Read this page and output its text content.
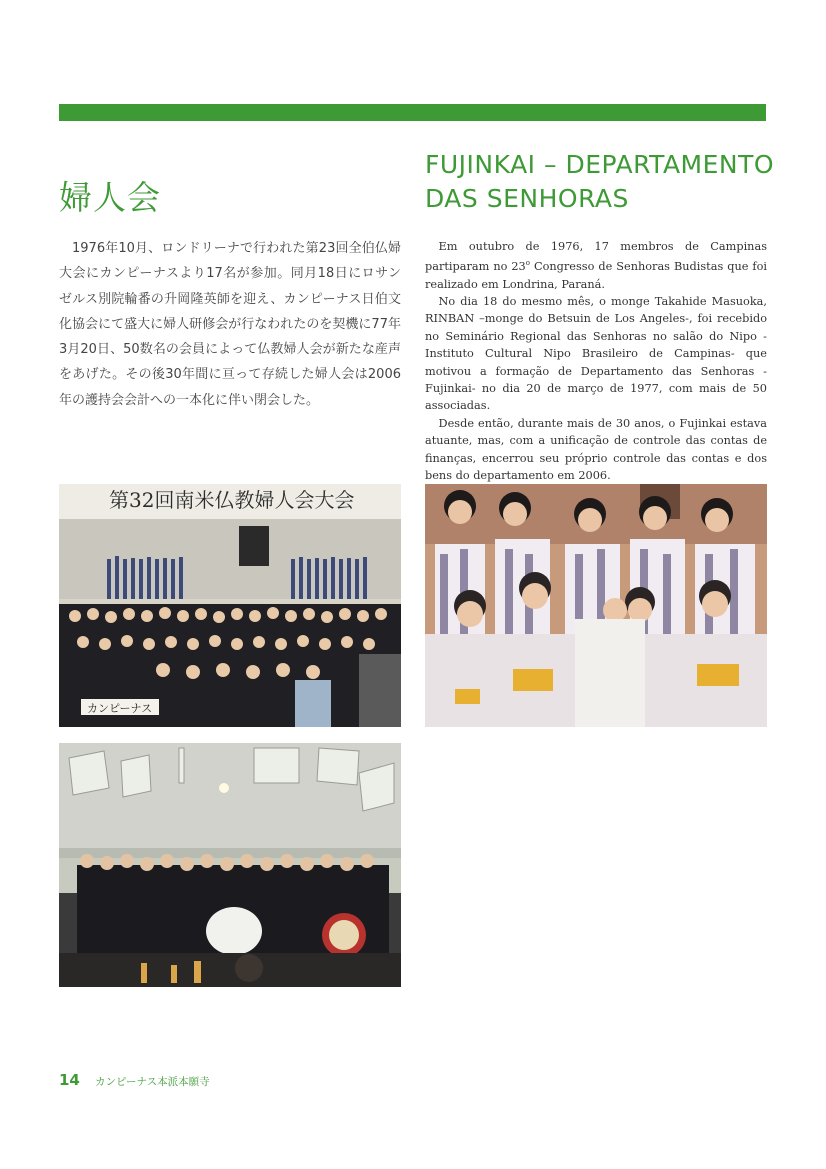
婦人会
FUJINKAI – DEPARTAMENTO
DAS SENHORAS

1976年10月、ロンドリーナで行われた第23回全伯仏婦大会にカンピーナスより17名が参加。同月18日にロサンゼルス別院輪番の升岡隆英師を迎え、カンピーナス日伯文化協会にて盛大に婦人研修会が行なわれたのを契機に77年3月20日、50数名の会員によって仏教婦人会が新たな産声をあげた。その後30年間に亘って存続した婦人会は2006年の護持会会計への一本化に伴い閉会した。

Em outubro de 1976, 17 membros de Campinas partiparam no 23$^o$ Congresso de Senhoras Budistas que foi realizado em Londrina, Paraná.

No dia 18 do mesmo mês, o monge Takahide Masuoka, RINBAN –monge do Betsuin de Los Angeles-, foi recebido no Seminário Regional das Senhoras no salão do Nipo -Instituto Cultural Nipo Brasileiro de Campinas- que motivou a formação de Departamento das Senhoras -Fujinkai- no dia 20 de março de 1977, com mais de 50 associadas.

Desde então, durante mais de 30 anos, o Fujinkai estava atuante, mas, com a unificação de controle das contas de finanças, encerrou seu próprio controle das contas e dos bens do departamento em 2006.

第32回南米仏教婦人会大会
カンピーナス
14 カンピーナス本派本願寺
